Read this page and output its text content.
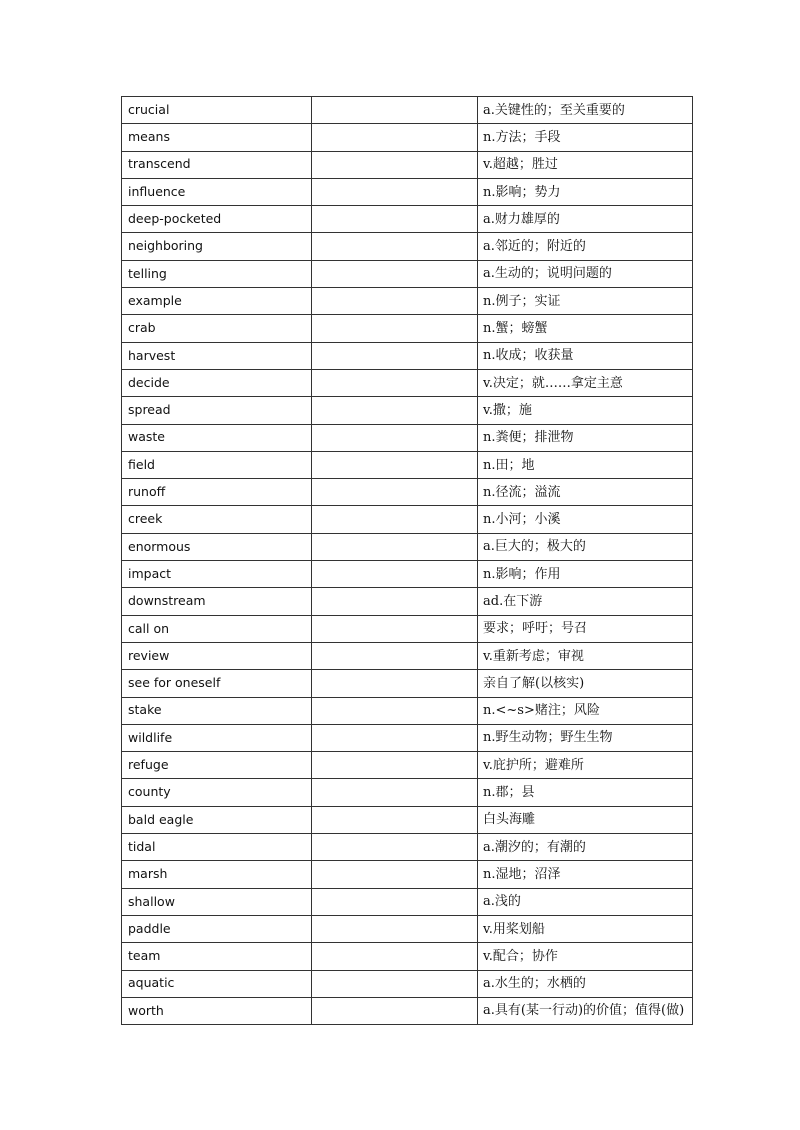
crucial		a.关键性的；至关重要的
means		n.方法；手段
transcend		v.超越；胜过
influence		n.影响；势力
deep-pocketed		a.财力雄厚的
neighboring		a.邻近的；附近的
telling		a.生动的；说明问题的
example		n.例子；实证
crab		n.蟹；螃蟹
harvest		n.收成；收获量
decide		v.决定；就……拿定主意
spread		v.撒；施
waste		n.粪便；排泄物
field		n.田；地
runoff		n.径流；溢流
creek		n.小河；小溪
enormous		a.巨大的；极大的
impact		n.影响；作用
downstream		ad.在下游
call on		要求；呼吁；号召
review		v.重新考虑；审视
see for oneself		亲自了解(以核实)
stake		n.<~s>赌注；风险
wildlife		n.野生动物；野生生物
refuge		v.庇护所；避难所
county		n.郡；县
bald eagle		白头海雕
tidal		a.潮汐的；有潮的
marsh		n.湿地；沼泽
shallow		a.浅的
paddle		v.用桨划船
team		v.配合；协作
aquatic		a.水生的；水栖的
worth		a.具有(某一行动)的价值；值得(做)
